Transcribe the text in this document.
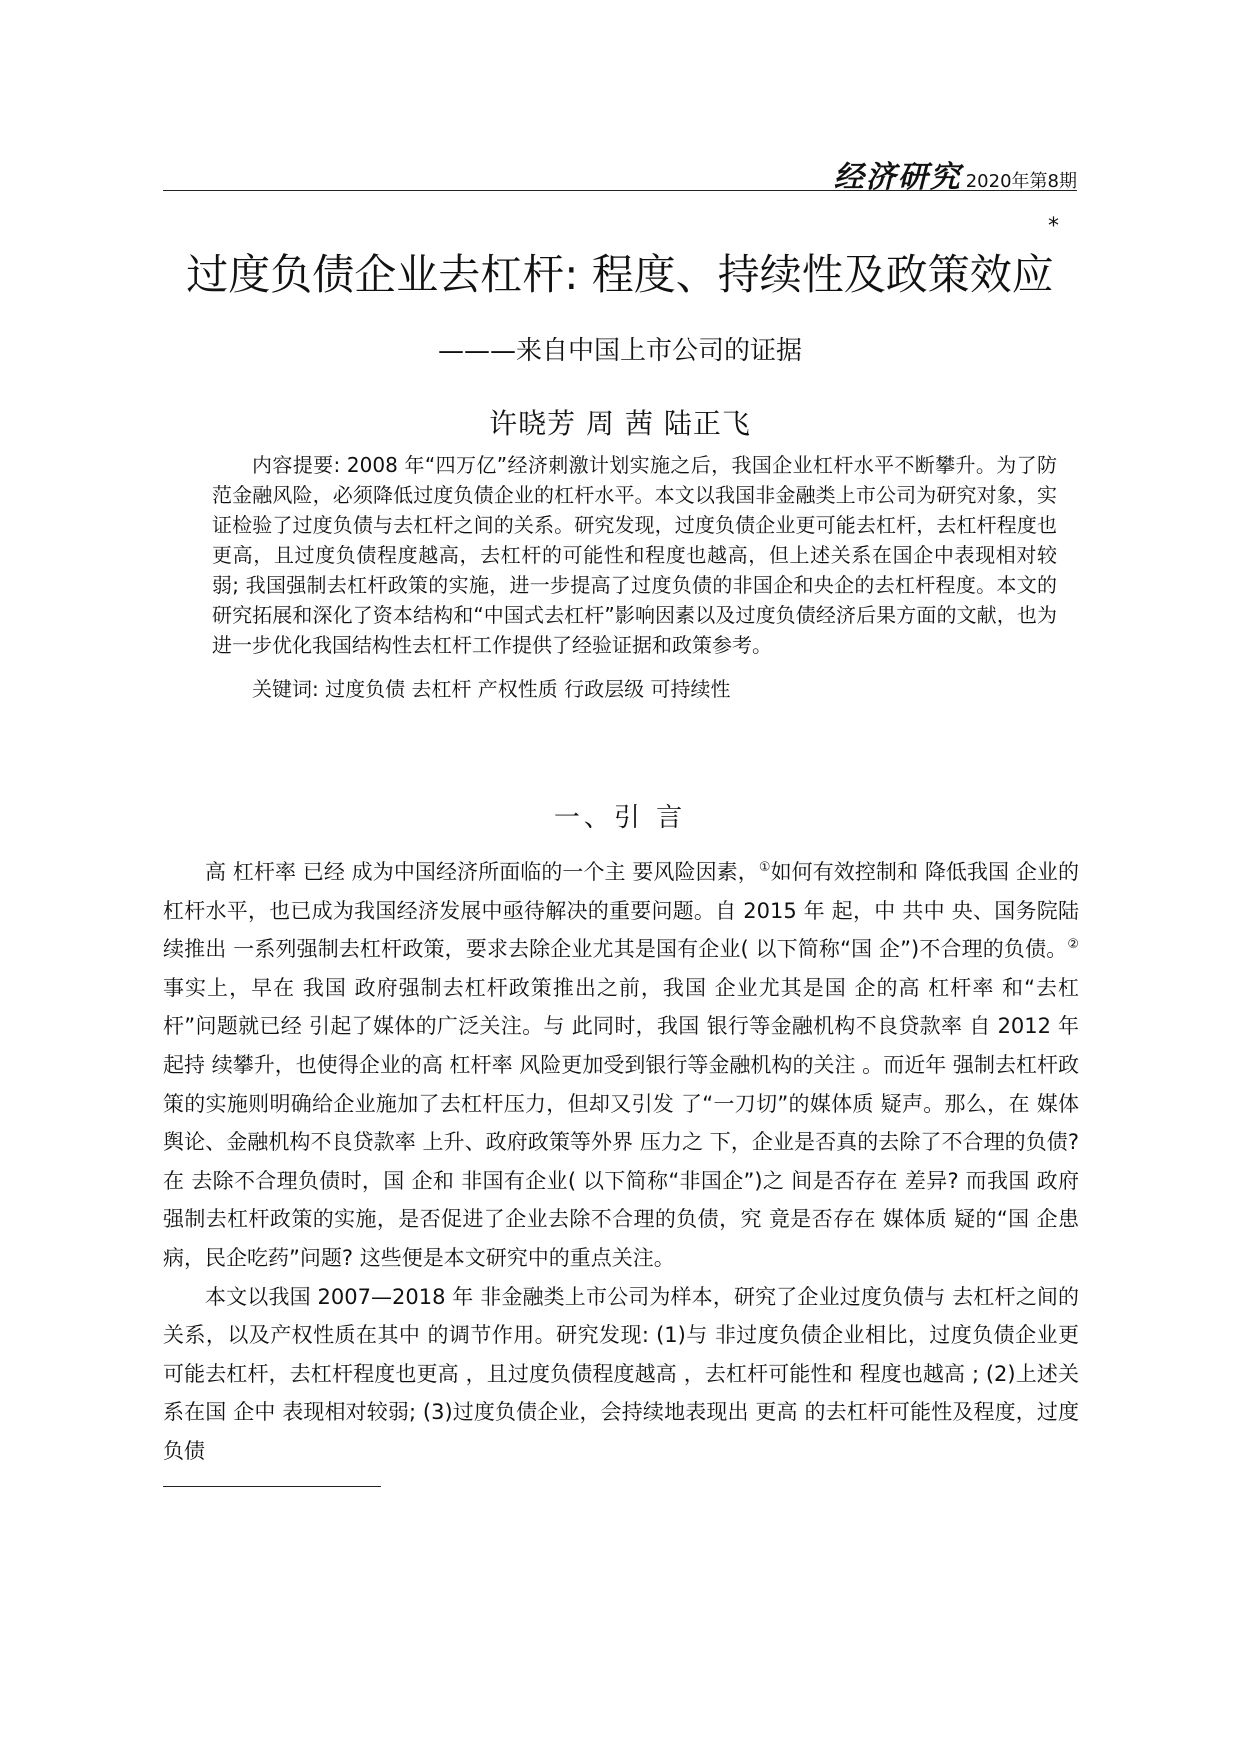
经济研究 2020年第8期
*
过度负债企业去杠杆: 程度、持续性及政策效应
———来自中国上市公司的证据
许晓芳 周 茜 陆正飞

内容提要: 2008 年“四万亿”经济刺激计划实施之后，我国企业杠杆水平不断攀升。为了防范金融风险，必须降低过度负债企业的杠杆水平。本文以我国非金融类上市公司为研究对象，实证检验了过度负债与去杠杆之间的关系。研究发现，过度负债企业更可能去杠杆，去杠杆程度也更高，且过度负债程度越高，去杠杆的可能性和程度也越高，但上述关系在国企中表现相对较弱; 我国强制去杠杆政策的实施，进一步提高了过度负债的非国企和央企的去杠杆程度。本文的研究拓展和深化了资本结构和“中国式去杠杆”影响因素以及过度负债经济后果方面的文献，也为进一步优化我国结构性去杠杆工作提供了经验证据和政策参考。

关键词: 过度负债 去杠杆 产权性质 行政层级 可持续性

一、引 言

高 杠杆率 已经 成为中国经济所面临的一个主 要风险因素，①如何有效控制和 降低我国 企业的杠杆水平，也已成为我国经济发展中亟待解决的重要问题。自 2015 年 起，中 共中 央、国务院陆续推出 一系列强制去杠杆政策，要求去除企业尤其是国有企业( 以下简称“国 企”)不合理的负债。②事实上，早在 我国 政府强制去杠杆政策推出之前，我国 企业尤其是国 企的高 杠杆率 和“去杠杆”问题就已经 引起了媒体的广泛关注。与 此同时，我国 银行等金融机构不良贷款率 自 2012 年 起持 续攀升，也使得企业的高 杠杆率 风险更加受到银行等金融机构的关注 。而近年 强制去杠杆政策的实施则明确给企业施加了去杠杆压力，但却又引发 了“一刀切”的媒体质 疑声。那么，在 媒体舆论、金融机构不良贷款率 上升、政府政策等外界 压力之 下，企业是否真的去除了不合理的负债? 在 去除不合理负债时，国 企和 非国有企业( 以下简称“非国企”)之 间是否存在 差异? 而我国 政府强制去杠杆政策的实施，是否促进了企业去除不合理的负债，究 竟是否存在 媒体质 疑的“国 企患病，民企吃药”问题? 这些便是本文研究中的重点关注。

本文以我国 2007—2018 年 非金融类上市公司为样本，研究了企业过度负债与 去杠杆之间的关系，以及产权性质在其中 的调节作用。研究发现: (1)与 非过度负债企业相比，过度负债企业更可能去杠杆，去杠杆程度也更高 ，且过度负债程度越高 ，去杠杆可能性和 程度也越高 ; (2)上述关系在国 企中 表现相对较弱; (3)过度负债企业，会持续地表现出 更高 的去杠杆可能性及程度，过度负债
